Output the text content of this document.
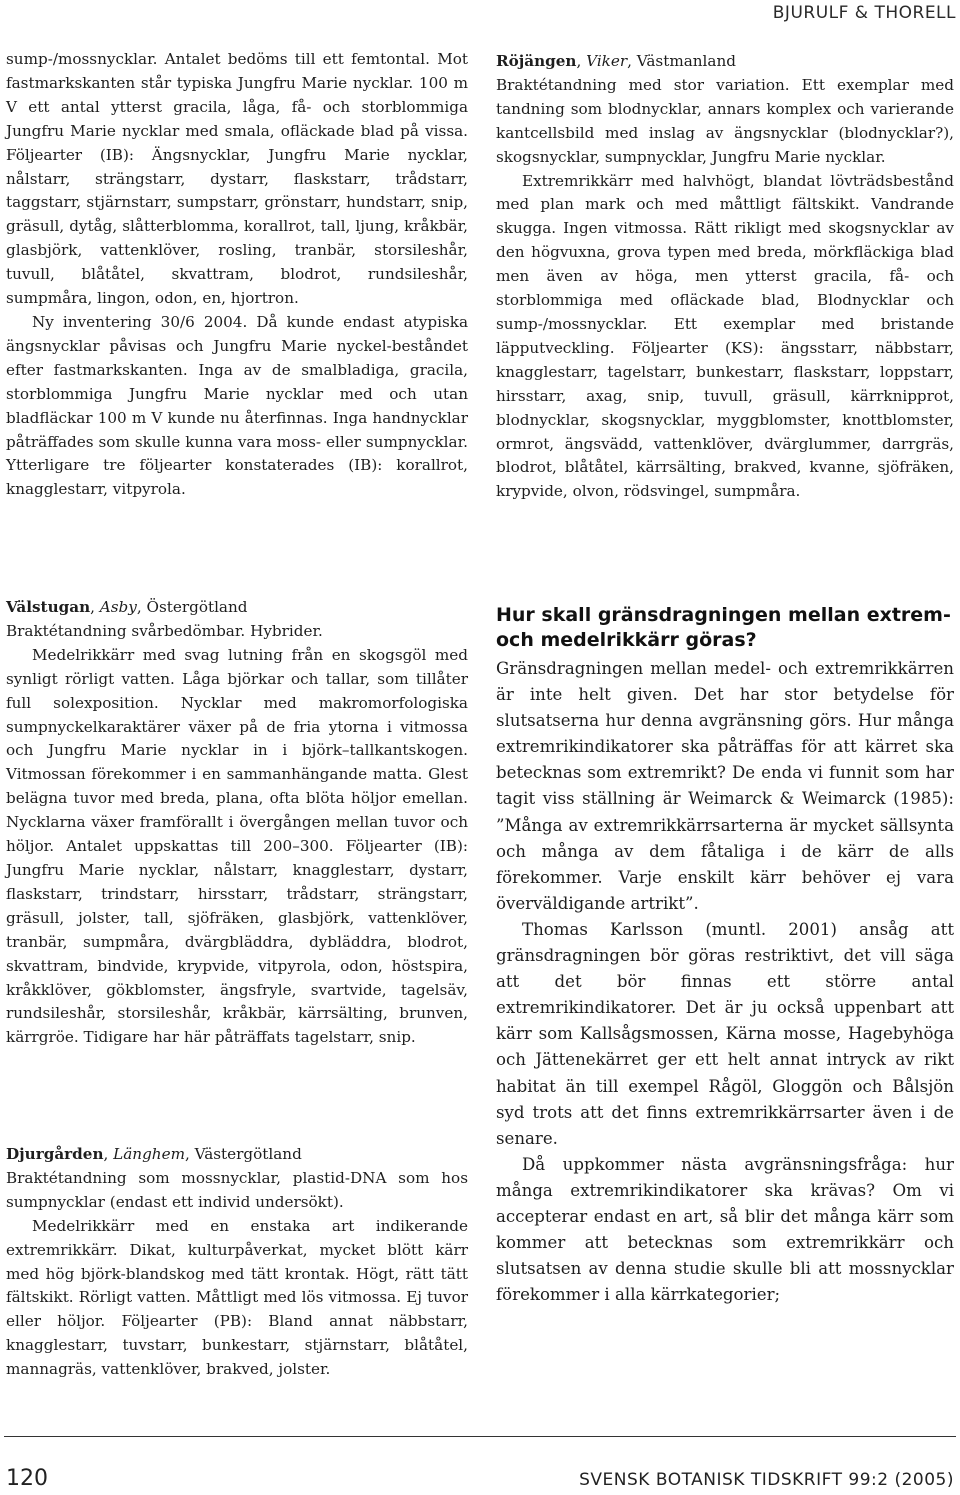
BJURULF & THORELL

sump-/mossnycklar. Antalet bedöms till ett femtontal. Mot fastmarkskanten står typiska Jungfru Marie nycklar. 100 m V ett antal ytterst gracila, låga, få- och storblommiga Jungfru Marie nycklar med smala, ofläckade blad på vissa. Följearter (IB): Ängsnycklar, Jungfru Marie nycklar, nålstarr, strängstarr, dystarr, flaskstarr, trådstarr, taggstarr, stjärnstarr, sumpstarr, grönstarr, hundstarr, snip, gräsull, dytåg, slåtterblomma, korallrot, tall, ljung, kråkbär, glasbjörk, vattenklöver, rosling, tranbär, storsileshår, tuvull, blåtåtel, skvattram, blodrot, rundsileshår, sumpmåra, lingon, odon, en, hjortron.

Ny inventering 30/6 2004. Då kunde endast atypiska ängsnycklar påvisas och Jungfru Marie nyckel-beståndet efter fastmarkskanten. Inga av de smalbladiga, gracila, storblommiga Jungfru Marie nycklar med och utan bladfläckar 100 m V kunde nu återfinnas. Inga handnycklar påträffades som skulle kunna vara moss- eller sumpnycklar. Ytterligare tre följearter konstaterades (IB): korallrot, knagglestarr, vitpyrola.

Välstugan, Asby, Östergötland

Braktétandning svårbedömbar. Hybrider.

Medelrikkärr med svag lutning från en skogsgöl med synligt rörligt vatten. Låga björkar och tallar, som tillåter full solexposition. Nycklar med makromorfologiska sumpnyckelkaraktärer växer på de fria ytorna i vitmossa och Jungfru Marie nycklar in i björk–tallkantskogen. Vitmossan förekommer i en sammanhängande matta. Glest belägna tuvor med breda, plana, ofta blöta höljor emellan. Nycklarna växer framförallt i övergången mellan tuvor och höljor. Antalet uppskattas till 200–300. Följearter (IB): Jungfru Marie nycklar, nålstarr, knagglestarr, dystarr, flaskstarr, trindstarr, hirsstarr, trådstarr, strängstarr, gräsull, jolster, tall, sjöfräken, glasbjörk, vattenklöver, tranbär, sumpmåra, dvärgbläddra, dybläddra, blodrot, skvattram, bindvide, krypvide, vitpyrola, odon, höstspira, kråkklöver, gökblomster, ängsfryle, svartvide, tagelsäv, rundsileshår, storsileshår, kråkbär, kärrsälting, brunven, kärrgröe. Tidigare har här påträffats tagelstarr, snip.

Djurgården, Länghem, Västergötland

Braktétandning som mossnycklar, plastid-DNA som hos sumpnycklar (endast ett individ undersökt).

Medelrikkärr med en enstaka art indikerande extremrikkärr. Dikat, kulturpåverkat, mycket blött kärr med hög björk-blandskog med tätt krontak. Högt, rätt tätt fältskikt. Rörligt vatten. Måttligt med lös vitmossa. Ej tuvor eller höljor. Följearter (PB): Bland annat näbbstarr, knagglestarr, tuvstarr, bunkestarr, stjärnstarr, blåtåtel, mannagräs, vattenklöver, brakved, jolster.

Röjängen, Viker, Västmanland

Braktétandning med stor variation. Ett exemplar med tandning som blodnycklar, annars komplex och varierande kantcellsbild med inslag av ängsnycklar (blodnycklar?), skogsnycklar, sumpnycklar, Jungfru Marie nycklar.

Extremrikkärr med halvhögt, blandat lövträdsbestånd med plan mark och med måttligt fältskikt. Vandrande skugga. Ingen vitmossa. Rätt rikligt med skogsnycklar av den högvuxna, grova typen med breda, mörkfläckiga blad men även av höga, men ytterst gracila, få- och storblommiga med ofläckade blad, Blodnycklar och sump-/mossnycklar. Ett exemplar med bristande läpputveckling. Följearter (KS): ängsstarr, näbbstarr, knagglestarr, tagelstarr, bunkestarr, flaskstarr, loppstarr, hirsstarr, axag, snip, tuvull, gräsull, kärrknipprot, blodnycklar, skogsnycklar, myggblomster, knottblomster, ormrot, ängsvädd, vattenklöver, dvärglummer, darrgräs, blodrot, blåtåtel, kärrsälting, brakved, kvanne, sjöfräken, krypvide, olvon, rödsvingel, sumpmåra.

Hur skall gränsdragningen mellan extrem- och medelrikkärr göras?

Gränsdragningen mellan medel- och extremrikkärren är inte helt given. Det har stor betydelse för slutsatserna hur denna avgränsning görs. Hur många extremrikindikatorer ska påträffas för att kärret ska betecknas som extremrikt? De enda vi funnit som har tagit viss ställning är Weimarck & Weimarck (1985): ”Många av extremrikkärrsarterna är mycket sällsynta och många av dem fåtaliga i de kärr de alls förekommer. Varje enskilt kärr behöver ej vara överväldigande artrikt”.

Thomas Karlsson (muntl. 2001) ansåg att gränsdragningen bör göras restriktivt, det vill säga att det bör finnas ett större antal extremrikindikatorer. Det är ju också uppenbart att kärr som Kallsågsmossen, Kärna mosse, Hagebyhöga och Jättenekärret ger ett helt annat intryck av rikt habitat än till exempel Rågöl, Gloggön och Bålsjön syd trots att det finns extremrikkärrsarter även i de senare.

Då uppkommer nästa avgränsningsfråga: hur många extremrikindikatorer ska krävas? Om vi accepterar endast en art, så blir det många kärr som kommer att betecknas som extremrikkärr och slutsatsen av denna studie skulle bli att mossnycklar förekommer i alla kärrkategorier;

120	SVENSK BOTANISK TIDSKRIFT 99:2 (2005)
